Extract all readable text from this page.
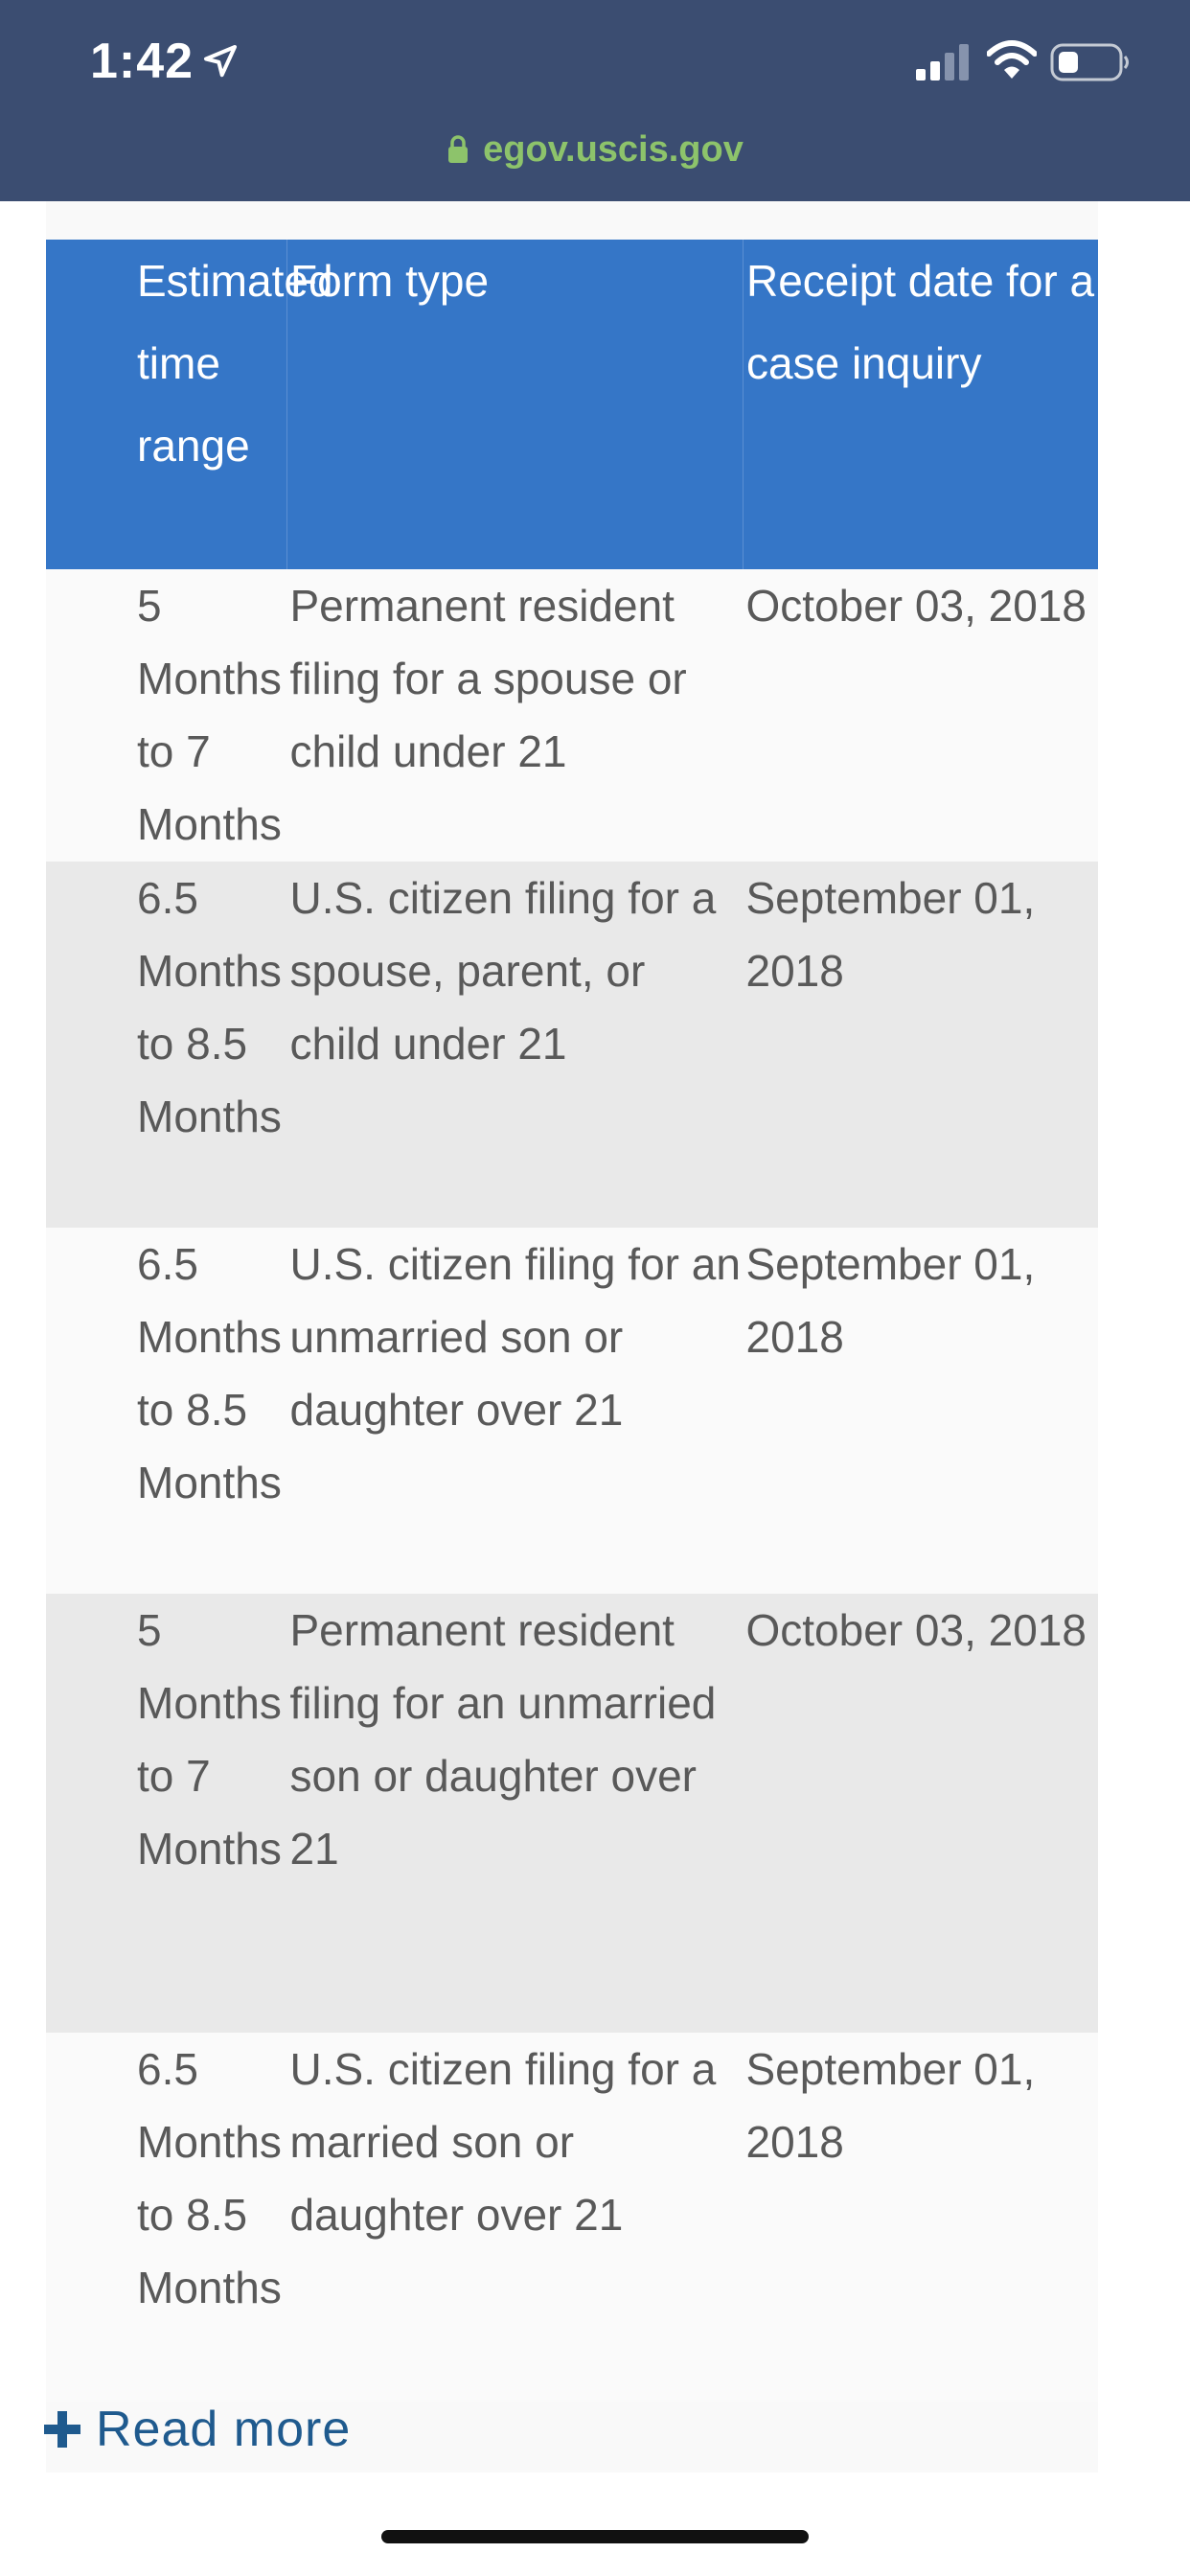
1:42
egov.uscis.gov
Estimated time range	Form type	Receipt date for a case inquiry
5 Months to 7 Months	Permanent resident filing for a spouse or child under 21	October 03, 2018
6.5 Months to 8.5 Months	U.S. citizen filing for a spouse, parent, or child under 21	September 01, 2018
6.5 Months to 8.5 Months	U.S. citizen filing for an unmarried son or daughter over 21	September 01, 2018
5 Months to 7 Months	Permanent resident filing for an unmarried son or daughter over 21	October 03, 2018
6.5 Months to 8.5 Months	U.S. citizen filing for a married son or daughter over 21	September 01, 2018
Read more
